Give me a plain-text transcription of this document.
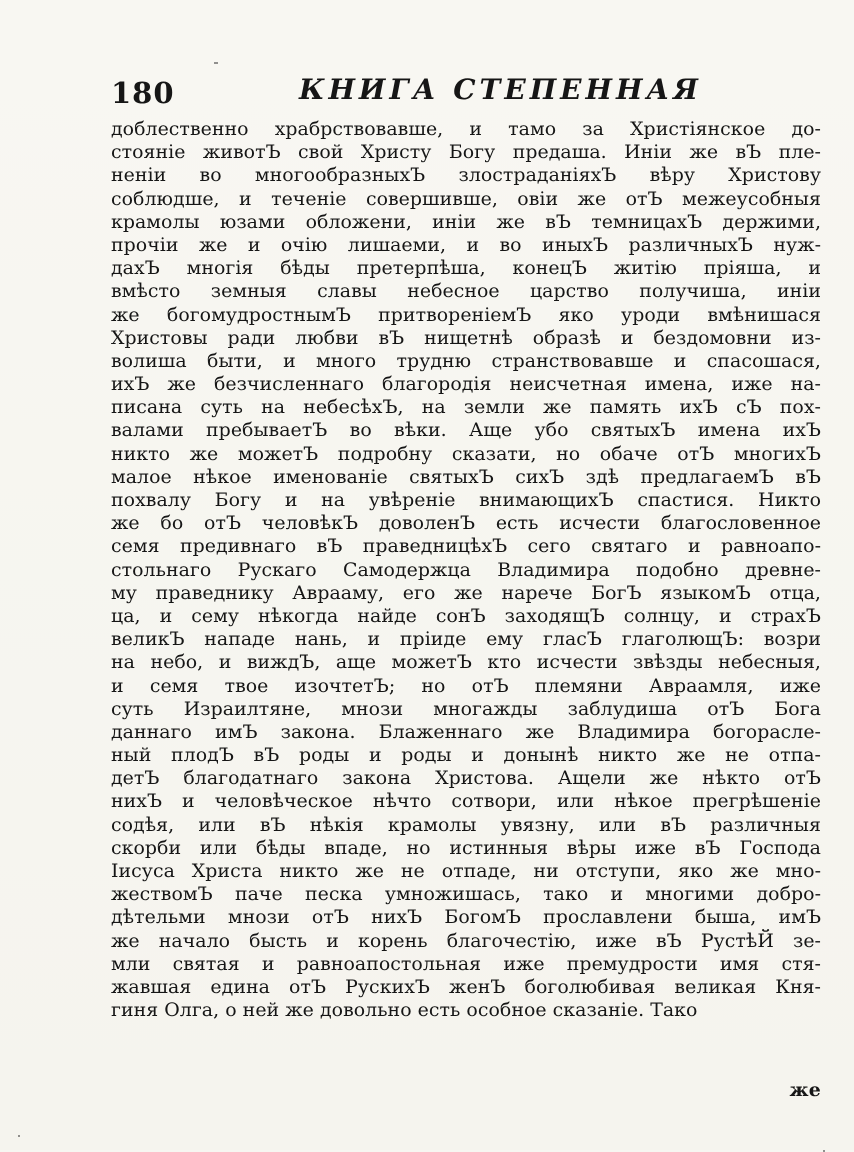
180	КНИГА СТЕПЕННАЯ
доблественно храбрствовавше, и тамо за Христіянское до-
стояніе животЪ свой Христу Богу предаша. Иніи же вЪ пле-
неніи во многообразныхЪ злостраданіяхЪ вѣру Христову
соблюдше, и теченіе совершивше, овіи же отЪ межеусобныя
крамолы юзами обложени, иніи же вЪ темницахЪ держими,
прочіи же и очію лишаеми, и во иныхЪ различныхЪ нуж-
дахЪ многія бѣды претерпѣша, конецЪ житію пріяша, и
вмѣсто земныя славы небесное царство получиша, иніи
же богомудростнымЪ притвореніемЪ яко уроди вмѣнишася
Христовы ради любви вЪ нищетнѣ образѣ и бездомовни из-
волиша быти, и много трудню странствовавше и спасошася,
ихЪ же безчисленнаго благородія неисчетная имена, иже на-
писана суть на небесѣхЪ, на земли же память ихЪ сЪ пох-
валами пребываетЪ во вѣки. Аще убо святыхЪ имена ихЪ
никто же можетЪ подробну сказати, но обаче отЪ многихЪ
малое нѣкое именованіе святыхЪ сихЪ здѣ предлагаемЪ вЪ
похвалу Богу и на увѣреніе внимающихЪ спастися. Никто
же бо отЪ человѣкЪ доволенЪ есть исчести благословенное
семя предивнаго вЪ праведницѣхЪ сего святаго и равноапо-
стольнаго Рускаго Самодержца Владимира подобно древне-
му праведнику Аврааму, его же нарече БогЪ языкомЪ отца,
ца, и сему нѣкогда найде сонЪ заходящЪ солнцу, и страхЪ
великЪ нападе нань, и пріиде ему гласЪ глаголющЪ: возри
на небо, и виждЪ, аще можетЪ кто исчести звѣзды небесныя,
и семя твое изочтетЪ; но отЪ племяни Авраамля, иже
суть Израилтяне, мнози многажды заблудиша отЪ Бога
даннаго имЪ закона. Блаженнаго же Владимира богорасле-
ный плодЪ вЪ роды и роды и донынѣ никто же не отпа-
детЪ благодатнаго закона Христова. Ащели же нѣкто отЪ
нихЪ и человѣческое нѣчто сотвори, или нѣкое прегрѣшеніе
содѣя, или вЪ нѣкія крамолы увязну, или вЪ различныя
скорби или бѣды впаде, но истинныя вѣры иже вЪ Господа
Іисуса Христа никто же не отпаде, ни отступи, яко же мно-
жествомЪ паче песка умножишась, тако и многими добро-
дѣтельми мнози отЪ нихЪ БогомЪ прославлени быша, имЪ
же начало бысть и корень благочестію, иже вЪ РустѣЙ зе-
мли святая и равноапостольная иже премудрости имя стя-
жавшая едина отЪ РускихЪ женЪ боголюбивая великая Кня-
гиня Олга, о ней же довольно есть особное сказаніе. Тако
же
